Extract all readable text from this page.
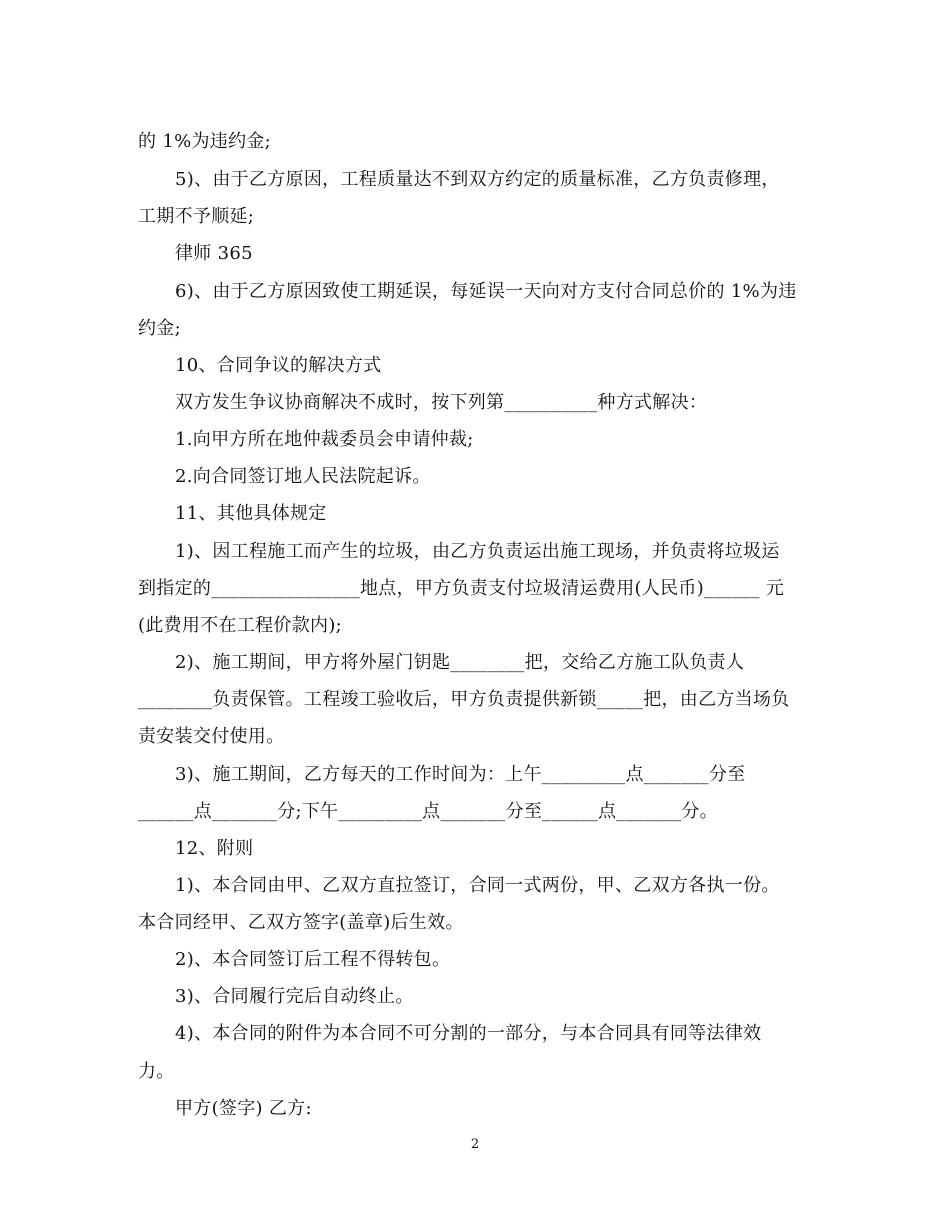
的 1%为违约金;
5)、由于乙方原因，工程质量达不到双方约定的质量标准，乙方负责修理，
工期不予顺延;
律师 365
6)、由于乙方原因致使工期延误，每延误一天向对方支付合同总价的 1%为违
约金;
10、合同争议的解决方式
双方发生争议协商解决不成时，按下列第__________种方式解决：
1.向甲方所在地仲裁委员会申请仲裁;
2.向合同签订地人民法院起诉。
11、其他具体规定
1)、因工程施工而产生的垃圾，由乙方负责运出施工现场，并负责将垃圾运
到指定的________________地点，甲方负责支付垃圾清运费用(人民币)______ 元
(此费用不在工程价款内);
2)、施工期间，甲方将外屋门钥匙________把，交给乙方施工队负责人
________负责保管。工程竣工验收后，甲方负责提供新锁_____把，由乙方当场负
责安装交付使用。
3)、施工期间，乙方每天的工作时间为：上午_________点_______分至
______点_______分;下午_________点_______分至______点_______分。
12、附则
1)、本合同由甲、乙双方直拉签订，合同一式两份，甲、乙双方各执一份。
本合同经甲、乙双方签字(盖章)后生效。
2)、本合同签订后工程不得转包。
3)、合同履行完后自动终止。
4)、本合同的附件为本合同不可分割的一部分，与本合同具有同等法律效
力。
甲方(签字) 乙方:
2
